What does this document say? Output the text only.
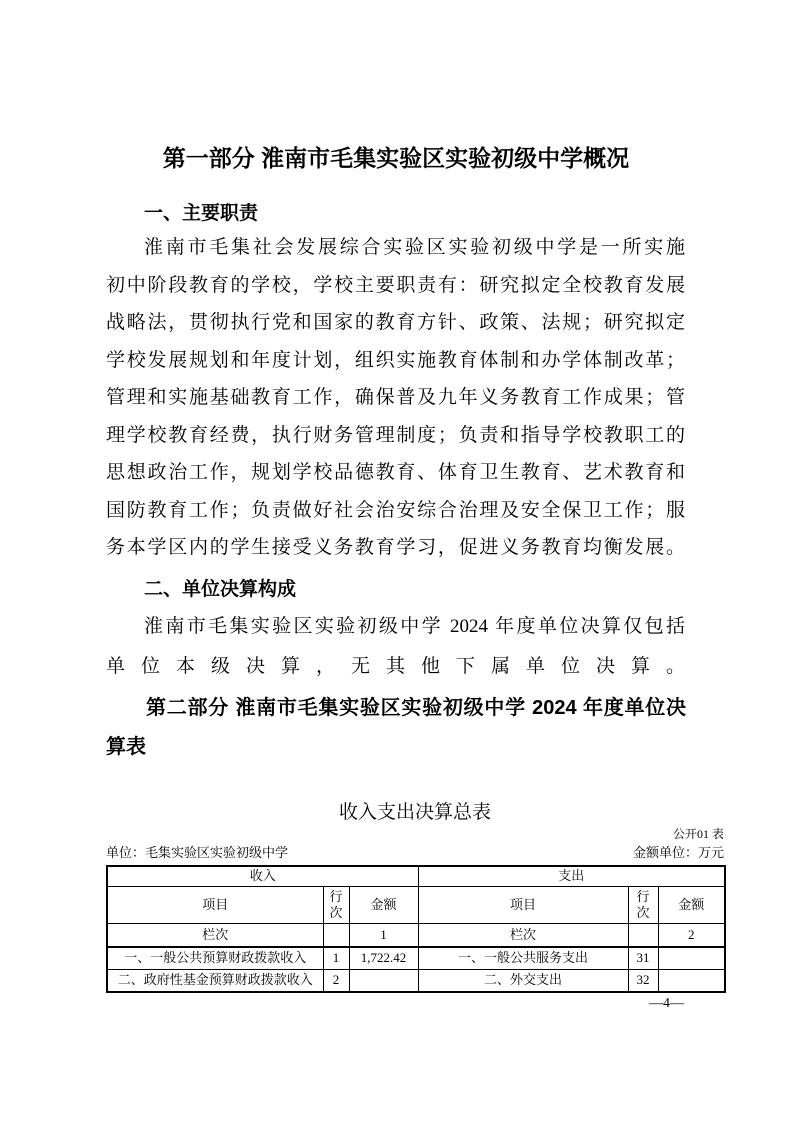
第一部分 淮南市毛集实验区实验初级中学概况
一、主要职责
淮南市毛集社会发展综合实验区实验初级中学是一所实施
初中阶段教育的学校，学校主要职责有：研究拟定全校教育发展
战略法，贯彻执行党和国家的教育方针、政策、法规；研究拟定
学校发展规划和年度计划，组织实施教育体制和办学体制改革；
管理和实施基础教育工作，确保普及九年义务教育工作成果；管
理学校教育经费，执行财务管理制度；负责和指导学校教职工的
思想政治工作，规划学校品德教育、体育卫生教育、艺术教育和
国防教育工作；负责做好社会治安综合治理及安全保卫工作；服
务本学区内的学生接受义务教育学习，促进义务教育均衡发展。
二、单位决算构成
淮南市毛集实验区实验初级中学 2024 年度单位决算仅包括
单位本级决算，无其他下属单位决算。
第二部分 淮南市毛集实验区实验初级中学 2024 年度单位决
算表
收入支出决算总表
公开01 表
单位：毛集实验区实验初级中学	金额单位：万元
收入			支出		
项目	行次	金额	项目	行次	金额
栏次		1	栏次		2
一、一般公共预算财政拨款收入	1	1,722.42	一、一般公共服务支出	31	
二、政府性基金预算财政拨款收入	2		二、外交支出	32	
—4—
